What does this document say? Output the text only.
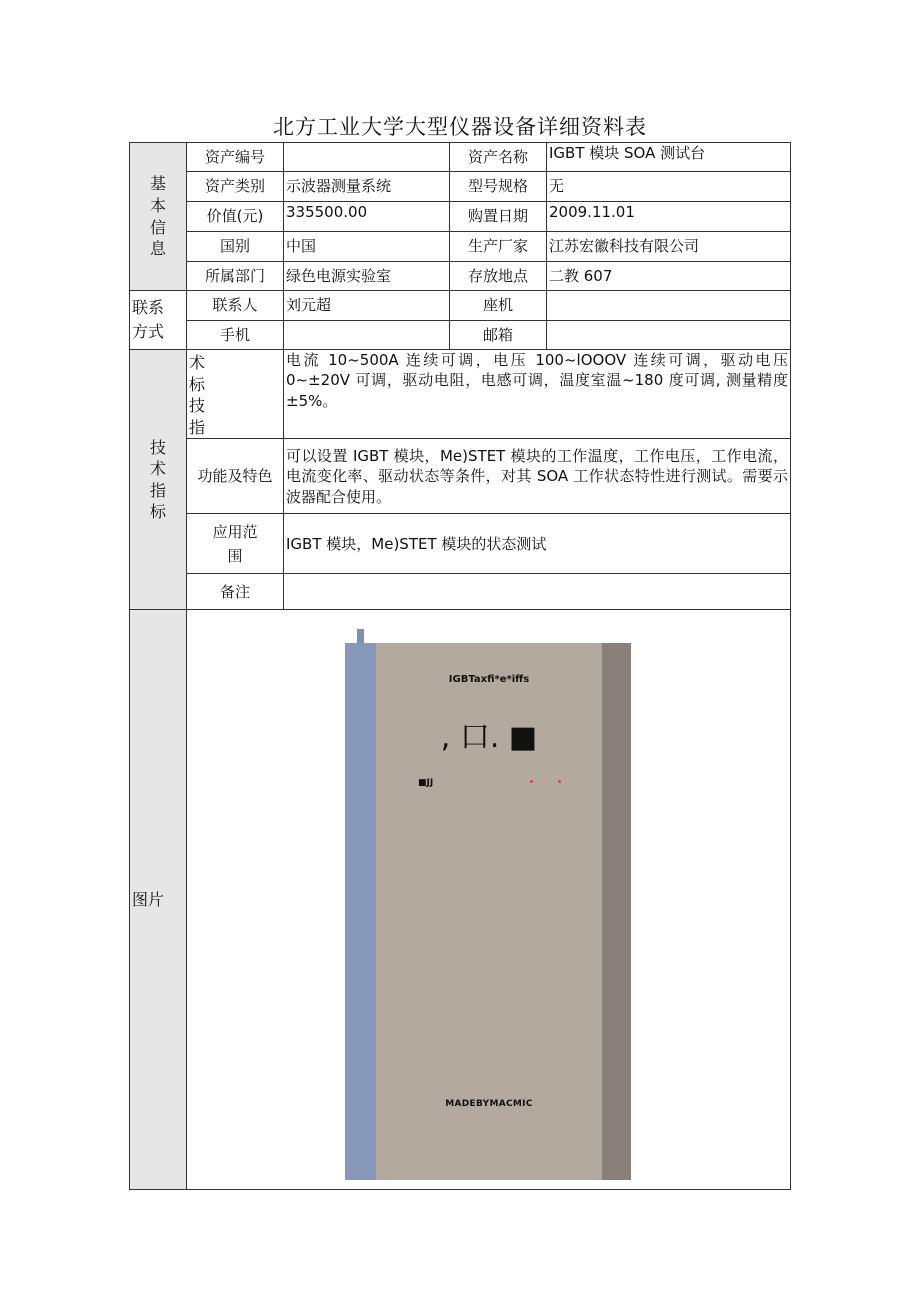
北方工业大学大型仪器设备详细资料表
基本信息	资产编号		资产名称	IGBT 模块 SOA 测试台
	资产类别	示波器测量系统	型号规格	无
	价值(元)	335500.00	购置日期	2009.11.01
	国别	中国	生产厂家	江苏宏徽科技有限公司
	所属部门	绿色电源实验室	存放地点	二教 607
联系方式	联系人	刘元超	座机	
	手机		邮箱	
技术指标	术标技指	电流 10~500A 连续可调，电压 100~lOOOV 连续可调，驱动电压 0~±20V 可调，驱动电阻，电感可调，温度室温~180 度可调, 测量精度±5%。		
	功能及特色	可以设置 IGBT 模块，Me)STET 模块的工作温度，工作电压，工作电流，电流变化率、驱动状态等条件，对其 SOA 工作状态特性进行测试。需要示波器配合使用。		
	应用范围	IGBT 模块，Me)STET 模块的状态测试		
	备注			
图片	IGBTaxfi*e*iffs
, 口. ■
■JJ
MADEBYMACMIC			
